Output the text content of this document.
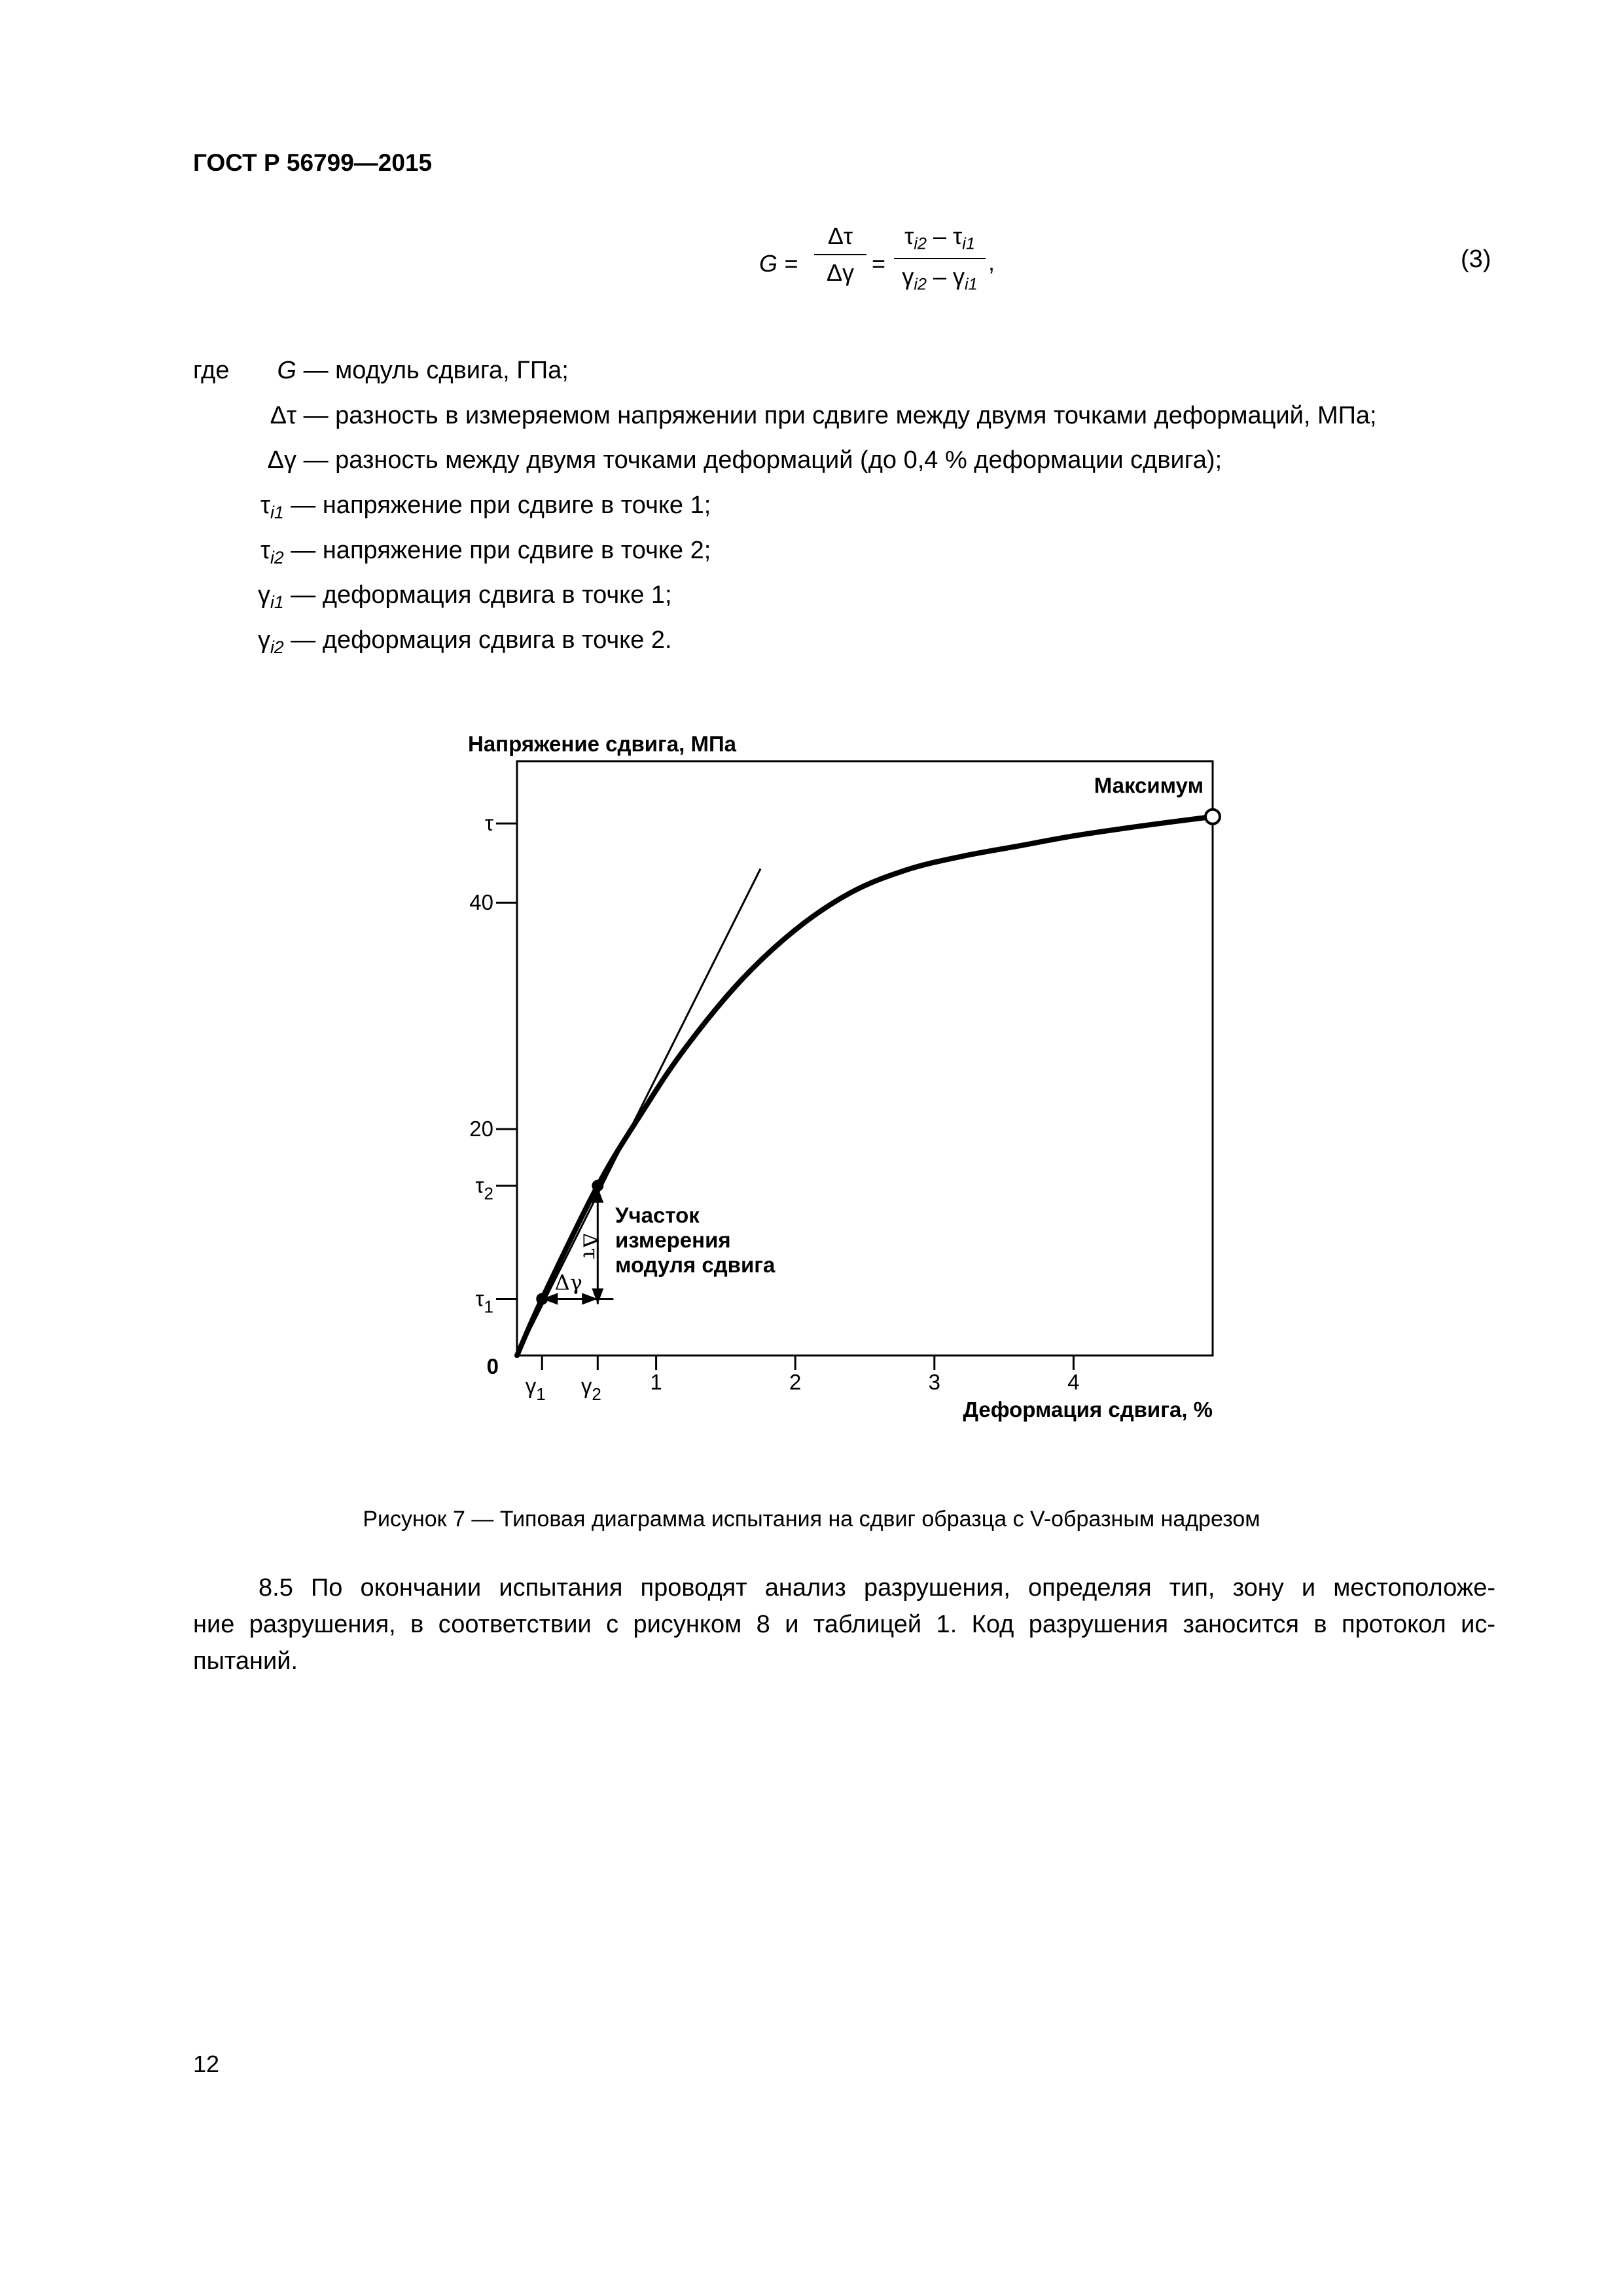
ГОСТ Р 56799—2015
G =
Δτ
Δγ =
$\tau_{i2} - \tau_{i1}$
$\gamma_{i2} - \gamma_{i1}$
,	(3)
где	G — модуль сдвига, ГПа;
Δτ — разность в измеряемом напряжении при сдвиге между двумя точками деформаций, МПа;
Δγ — разность между двумя точками деформаций (до 0,4 % деформации сдвига);
$\tau_{i1}$ — напряжение при сдвиге в точке 1;
$\tau_{i2}$ — напряжение при сдвиге в точке 2;
$\gamma_{i1}$ — деформация сдвига в точке 1;
$\gamma_{i2}$ — деформация сдвига в точке 2.
Напряжение сдвига, МПа
τ
40
20
$\tau_2$
$\tau_1$
0
$\gamma_1$ $\gamma_2$ 1	2	3	4
Δγ
Δτ
Максимум
Участок
измерения
модуля сдвига
Деформация сдвига, %
Рисунок 7 — Типовая диаграмма испытания на сдвиг образца с V-образным надрезом
8.5 По окончании испытания проводят анализ разрушения, определяя тип, зону и местоположе-
ние разрушения, в соответствии с рисунком 8 и таблицей 1. Код разрушения заносится в протокол ис-
пытаний.
12
